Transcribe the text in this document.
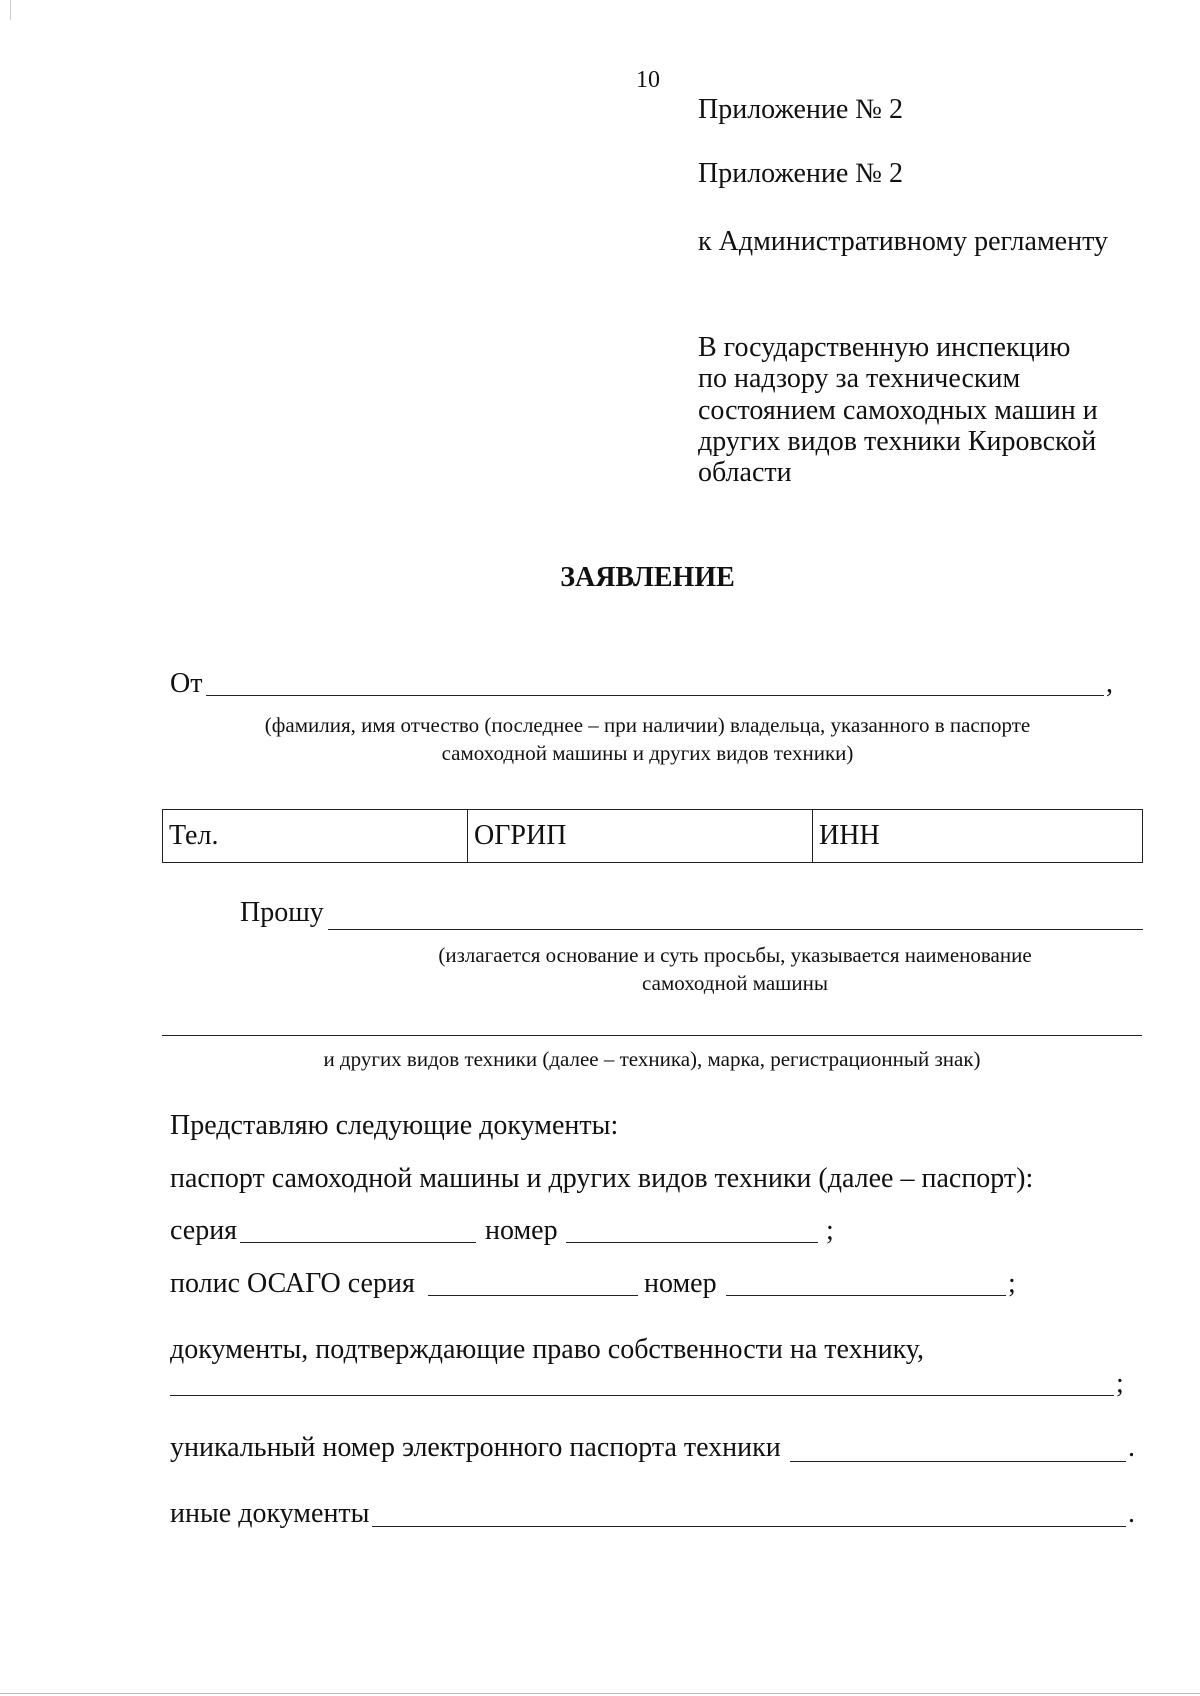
10
Приложение № 2
Приложение № 2
к Административному регламенту
В государственную инспекцию
по надзору за техническим
состоянием самоходных машин и
других видов техники Кировской
области
ЗАЯВЛЕНИЕ
От	,
(фамилия, имя отчество (последнее – при наличии) владельца, указанного в паспорте
самоходной машины и других видов техники)
Тел.	ОГРИП	ИНН
Прошу
(излагается основание и суть просьбы, указывается наименование
самоходной машины
и других видов техники (далее – техника), марка, регистрационный знак)
Представляю следующие документы:
паспорт самоходной машины и других видов техники (далее – паспорт):
серия	номер	;
полис ОСАГО серия	номер	;
документы, подтверждающие право собственности на технику,
;
уникальный номер электронного паспорта техники	.
иные документы	.
